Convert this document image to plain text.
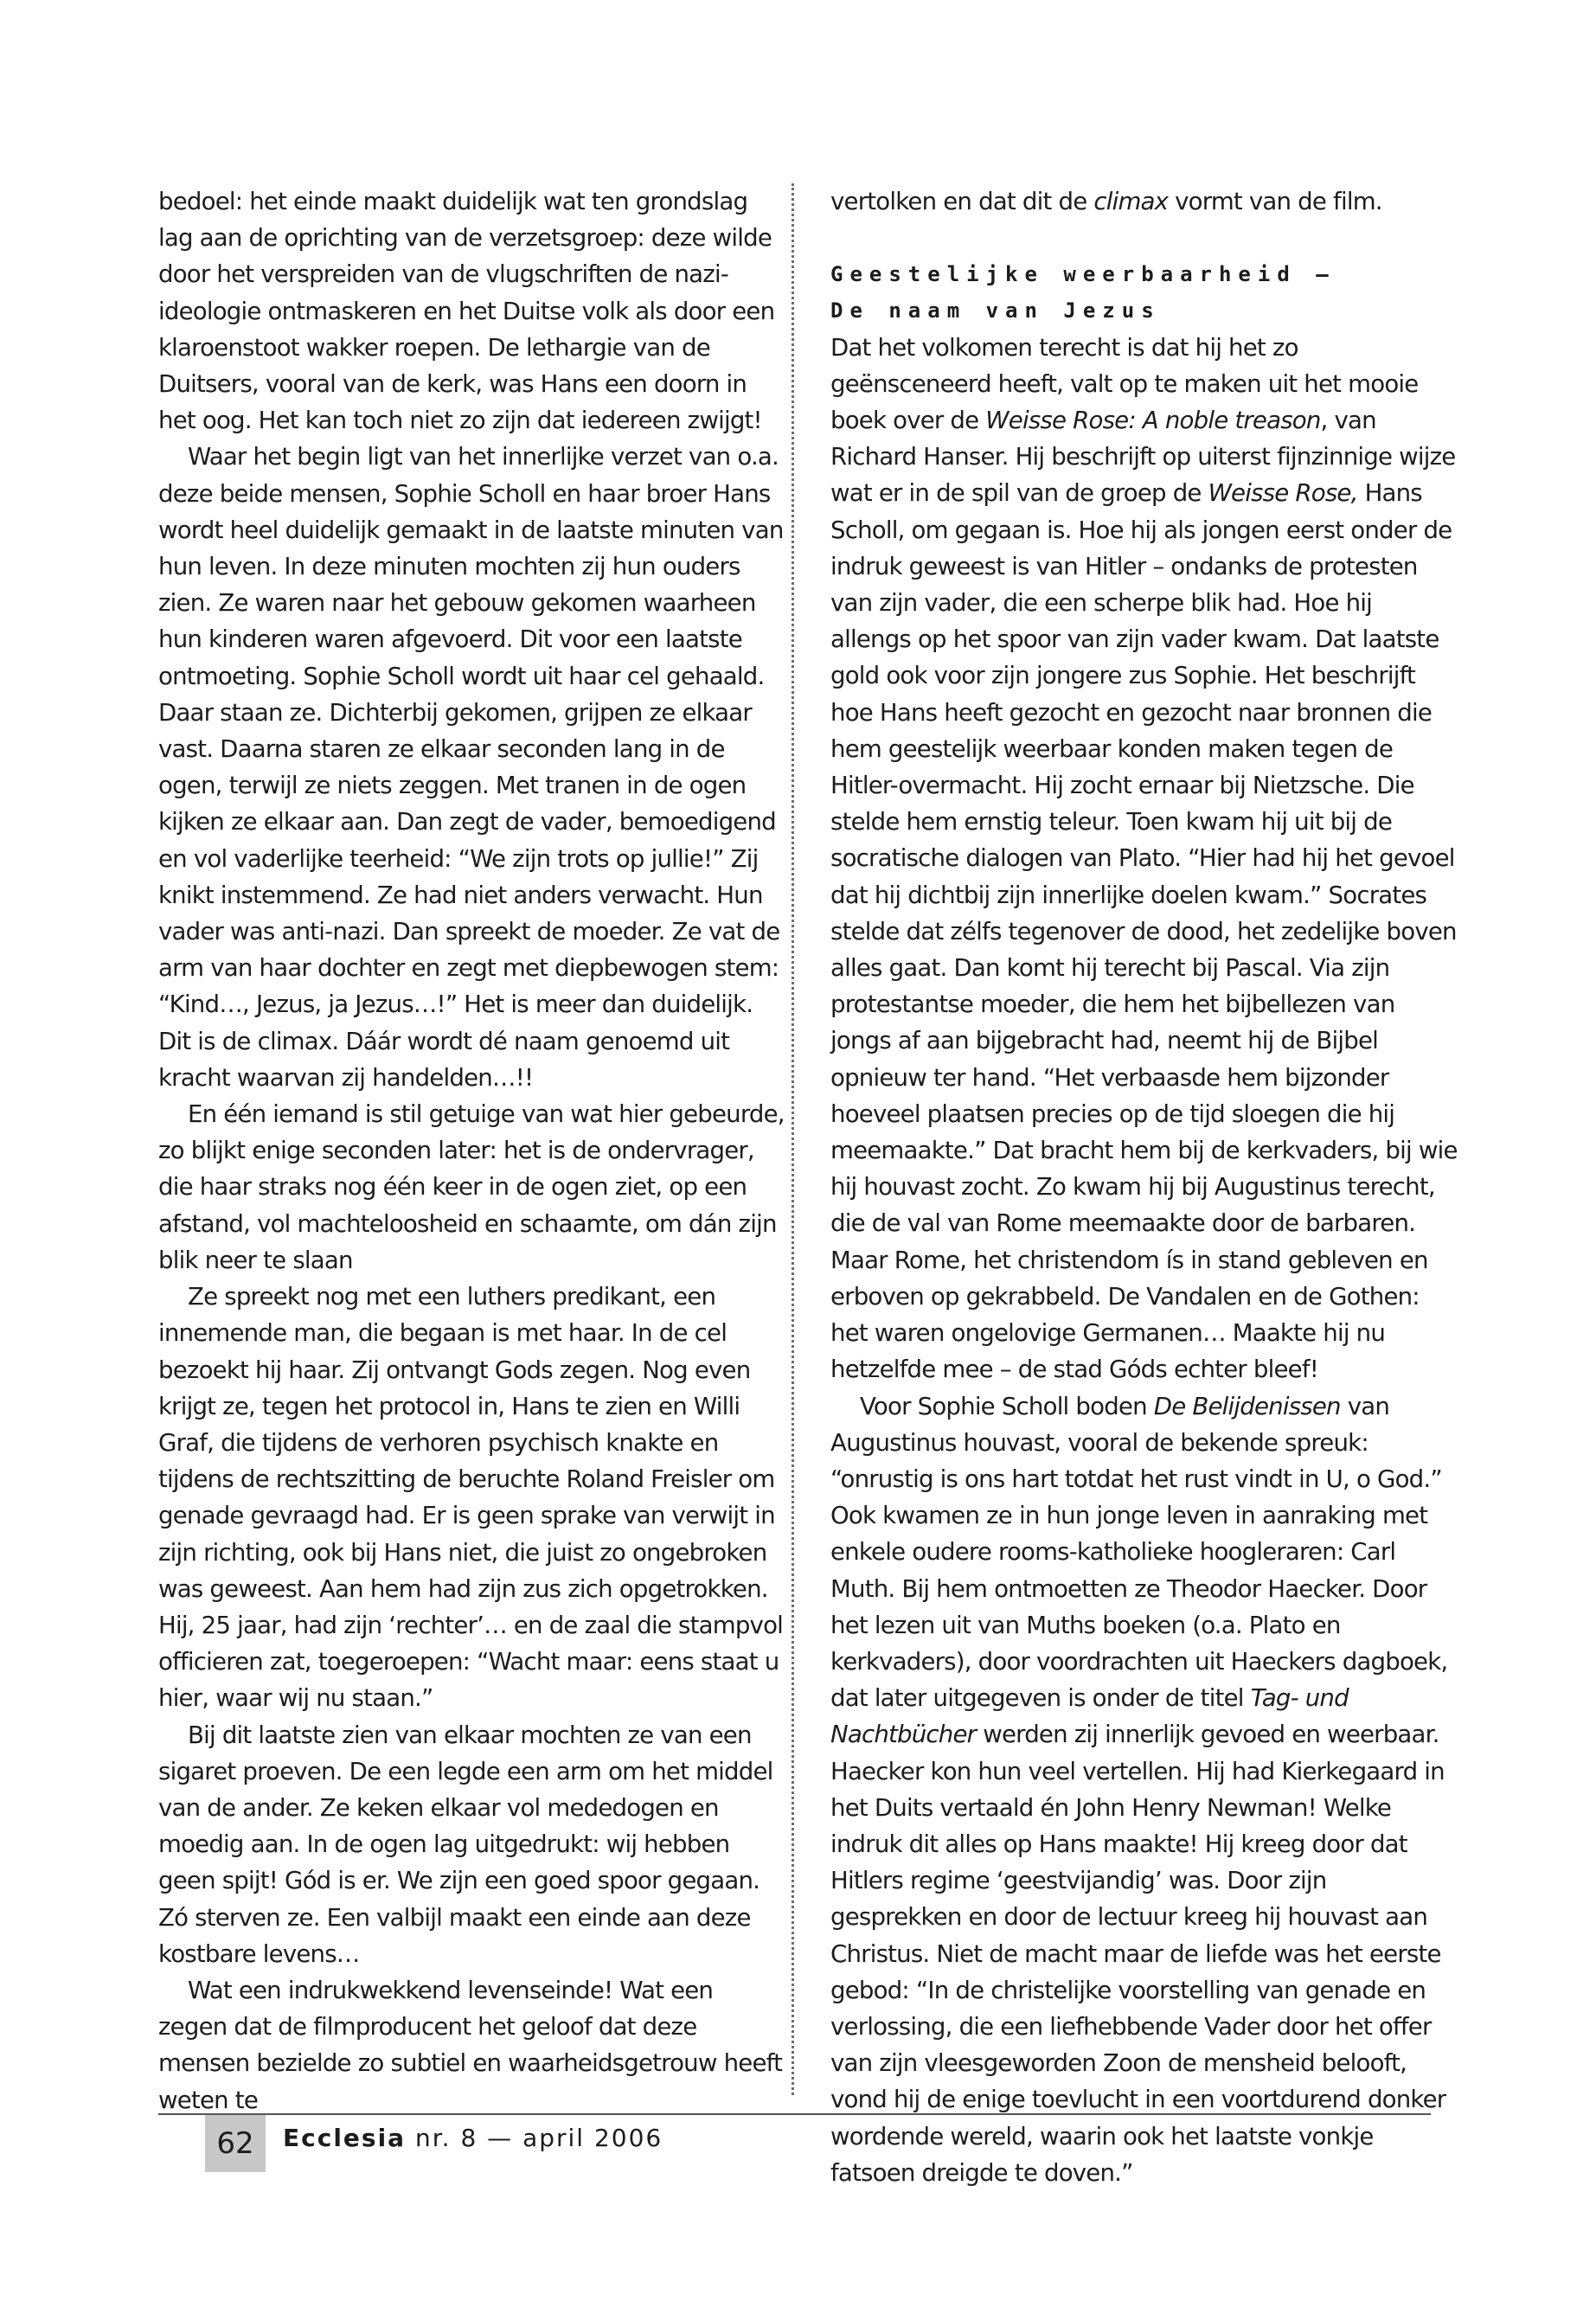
bedoel: het einde maakt duidelijk wat ten grondslag lag aan de oprichting van de verzetsgroep: deze wilde door het verspreiden van de vlugschriften de nazi-ideologie ontmaskeren en het Duitse volk als door een klaroenstoot wakker roepen. De lethargie van de Duitsers, vooral van de kerk, was Hans een doorn in het oog. Het kan toch niet zo zijn dat iedereen zwijgt!

Waar het begin ligt van het innerlijke verzet van o.a. deze beide mensen, Sophie Scholl en haar broer Hans wordt heel duidelijk gemaakt in de laatste minuten van hun leven. In deze minuten mochten zij hun ouders zien. Ze waren naar het gebouw gekomen waarheen hun kinderen waren afgevoerd. Dit voor een laatste ontmoeting. Sophie Scholl wordt uit haar cel gehaald. Daar staan ze. Dichterbij gekomen, grijpen ze elkaar vast. Daarna staren ze elkaar seconden lang in de ogen, terwijl ze niets zeggen. Met tranen in de ogen kijken ze elkaar aan. Dan zegt de vader, bemoedigend en vol vaderlijke teerheid: “We zijn trots op jullie!” Zij knikt instemmend. Ze had niet anders verwacht. Hun vader was anti-nazi. Dan spreekt de moeder. Ze vat de arm van haar dochter en zegt met diepbewogen stem: “Kind…, Jezus, ja Jezus…!” Het is meer dan duidelijk. Dit is de climax. Dáár wordt dé naam genoemd uit kracht waarvan zij handelden…!!

En één iemand is stil getuige van wat hier gebeurde, zo blijkt enige seconden later: het is de ondervrager, die haar straks nog één keer in de ogen ziet, op een afstand, vol machteloosheid en schaamte, om dán zijn blik neer te slaan

Ze spreekt nog met een luthers predikant, een innemende man, die begaan is met haar. In de cel bezoekt hij haar. Zij ontvangt Gods zegen. Nog even krijgt ze, tegen het protocol in, Hans te zien en Willi Graf, die tijdens de verhoren psychisch knakte en tijdens de rechtszitting de beruchte Roland Freisler om genade gevraagd had. Er is geen sprake van verwijt in zijn richting, ook bij Hans niet, die juist zo ongebroken was geweest. Aan hem had zijn zus zich opgetrokken. Hij, 25 jaar, had zijn ‘rechter’… en de zaal die stampvol officieren zat, toegeroepen: “Wacht maar: eens staat u hier, waar wij nu staan.”

Bij dit laatste zien van elkaar mochten ze van een sigaret proeven. De een legde een arm om het middel van de ander. Ze keken elkaar vol mededogen en moedig aan. In de ogen lag uitgedrukt: wij hebben geen spijt! Gód is er. We zijn een goed spoor gegaan. Zó sterven ze. Een valbijl maakt een einde aan deze kostbare levens…

Wat een indrukwekkend levenseinde! Wat een zegen dat de filmproducent het geloof dat deze mensen bezielde zo subtiel en waarheidsgetrouw heeft weten te

vertolken en dat dit de climax vormt van de film.

Geestelijke weerbaarheid —
De naam van Jezus

Dat het volkomen terecht is dat hij het zo geënsceneerd heeft, valt op te maken uit het mooie boek over de Weisse Rose: A noble treason, van Richard Hanser. Hij beschrijft op uiterst fijnzinnige wijze wat er in de spil van de groep de Weisse Rose, Hans Scholl, om gegaan is. Hoe hij als jongen eerst onder de indruk geweest is van Hitler – ondanks de protesten van zijn vader, die een scherpe blik had. Hoe hij allengs op het spoor van zijn vader kwam. Dat laatste gold ook voor zijn jongere zus Sophie. Het beschrijft hoe Hans heeft gezocht en gezocht naar bronnen die hem geestelijk weerbaar konden maken tegen de Hitler-overmacht. Hij zocht ernaar bij Nietzsche. Die stelde hem ernstig teleur. Toen kwam hij uit bij de socratische dialogen van Plato. “Hier had hij het gevoel dat hij dichtbij zijn innerlijke doelen kwam.” Socrates stelde dat zélfs tegenover de dood, het zedelijke boven alles gaat. Dan komt hij terecht bij Pascal. Via zijn protestantse moeder, die hem het bijbellezen van jongs af aan bijgebracht had, neemt hij de Bijbel opnieuw ter hand. “Het verbaasde hem bijzonder hoeveel plaatsen precies op de tijd sloegen die hij meemaakte.” Dat bracht hem bij de kerkvaders, bij wie hij houvast zocht. Zo kwam hij bij Augustinus terecht, die de val van Rome meemaakte door de barbaren. Maar Rome, het christendom ís in stand gebleven en erboven op gekrabbeld. De Vandalen en de Gothen: het waren ongelovige Germanen… Maakte hij nu hetzelfde mee – de stad Góds echter bleef!

Voor Sophie Scholl boden De Belijdenissen van Augustinus houvast, vooral de bekende spreuk: “onrustig is ons hart totdat het rust vindt in U, o God.” Ook kwamen ze in hun jonge leven in aanraking met enkele oudere rooms-katholieke hoogleraren: Carl Muth. Bij hem ontmoetten ze Theodor Haecker. Door het lezen uit van Muths boeken (o.a. Plato en kerkvaders), door voordrachten uit Haeckers dagboek, dat later uitgegeven is onder de titel Tag- und Nachtbücher werden zij innerlijk gevoed en weerbaar. Haecker kon hun veel vertellen. Hij had Kierkegaard in het Duits vertaald én John Henry Newman! Welke indruk dit alles op Hans maakte! Hij kreeg door dat Hitlers regime ‘geestvijandig’ was. Door zijn gesprekken en door de lectuur kreeg hij houvast aan Christus. Niet de macht maar de liefde was het eerste gebod: “In de christelijke voorstelling van genade en verlossing, die een liefhebbende Vader door het offer van zijn vleesgeworden Zoon de mensheid belooft, vond hij de enige toevlucht in een voortdurend donker wordende wereld, waarin ook het laatste vonkje fatsoen dreigde te doven.”

62	Ecclesia nr. 8 — april 2006
